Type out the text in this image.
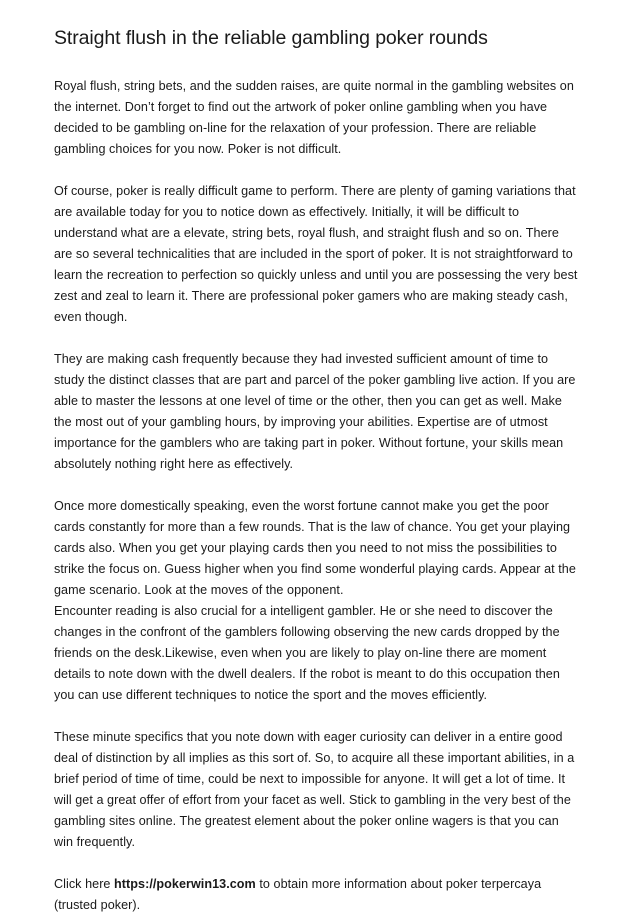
Straight flush in the reliable gambling poker rounds

Royal flush, string bets, and the sudden raises, are quite normal in the gambling websites on
the internet. Don’t forget to find out the artwork of poker online gambling when you have
decided to be gambling on-line for the relaxation of your profession. There are reliable
gambling choices for you now. Poker is not difficult.

Of course, poker is really difficult game to perform. There are plenty of gaming variations that
are available today for you to notice down as effectively. Initially, it will be difficult to
understand what are a elevate, string bets, royal flush, and straight flush and so on. There
are so several technicalities that are included in the sport of poker. It is not straightforward to
learn the recreation to perfection so quickly unless and until you are possessing the very best
zest and zeal to learn it. There are professional poker gamers who are making steady cash,
even though.

They are making cash frequently because they had invested sufficient amount of time to
study the distinct classes that are part and parcel of the poker gambling live action. If you are
able to master the lessons at one level of time or the other, then you can get as well. Make
the most out of your gambling hours, by improving your abilities. Expertise are of utmost
importance for the gamblers who are taking part in poker. Without fortune, your skills mean
absolutely nothing right here as effectively.

Once more domestically speaking, even the worst fortune cannot make you get the poor
cards constantly for more than a few rounds. That is the law of chance. You get your playing
cards also. When you get your playing cards then you need to not miss the possibilities to
strike the focus on. Guess higher when you find some wonderful playing cards. Appear at the
game scenario. Look at the moves of the opponent.

Encounter reading is also crucial for a intelligent gambler. He or she need to discover the
changes in the confront of the gamblers following observing the new cards dropped by the
friends on the desk.Likewise, even when you are likely to play on-line there are moment
details to note down with the dwell dealers. If the robot is meant to do this occupation then
you can use different techniques to notice the sport and the moves efficiently.

These minute specifics that you note down with eager curiosity can deliver in a entire good
deal of distinction by all implies as this sort of. So, to acquire all these important abilities, in a
brief period of time of time, could be next to impossible for anyone. It will get a lot of time. It
will get a great offer of effort from your facet as well. Stick to gambling in the very best of the
gambling sites online. The greatest element about the poker online wagers is that you can
win frequently.

Click here https://pokerwin13.com to obtain more information about poker terpercaya
(trusted poker).
